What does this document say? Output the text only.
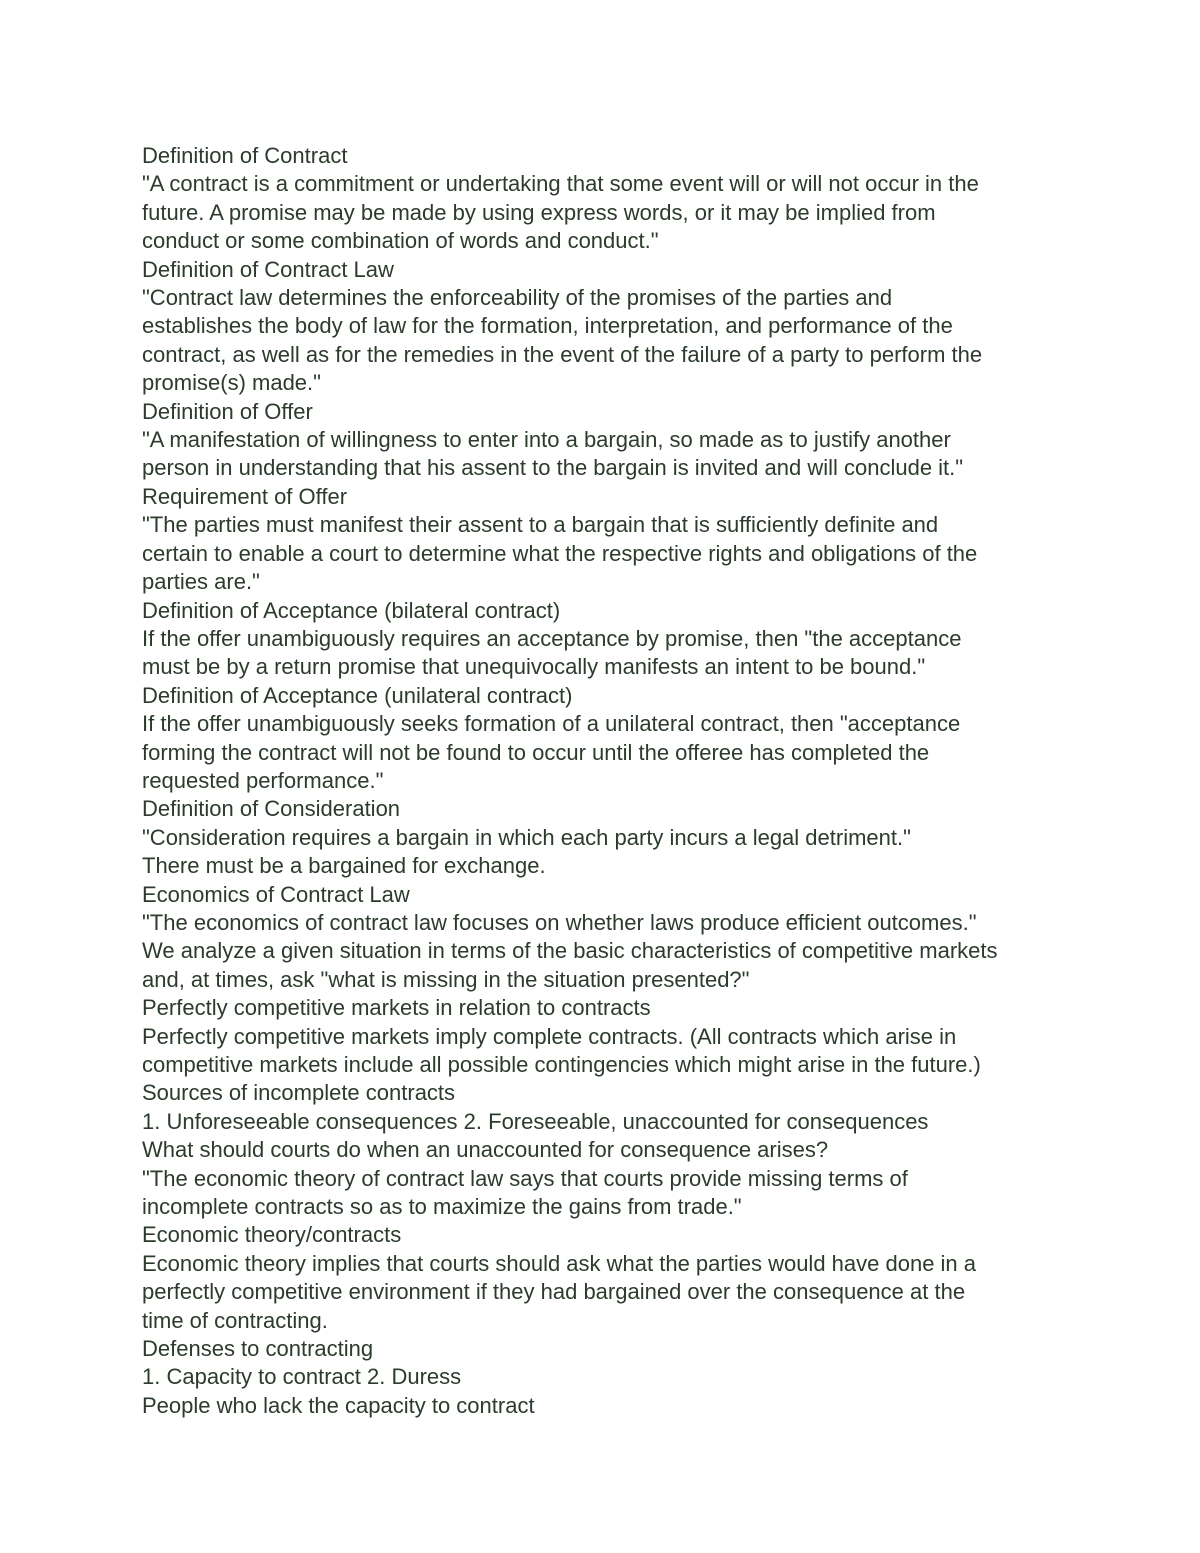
Definition of Contract
"A contract is a commitment or undertaking that some event will or will not occur in the
future. A promise may be made by using express words, or it may be implied from
conduct or some combination of words and conduct."
Definition of Contract Law
"Contract law determines the enforceability of the promises of the parties and
establishes the body of law for the formation, interpretation, and performance of the
contract, as well as for the remedies in the event of the failure of a party to perform the
promise(s) made."
Definition of Offer
"A manifestation of willingness to enter into a bargain, so made as to justify another
person in understanding that his assent to the bargain is invited and will conclude it."
Requirement of Offer
"The parties must manifest their assent to a bargain that is sufficiently definite and
certain to enable a court to determine what the respective rights and obligations of the
parties are."
Definition of Acceptance (bilateral contract)
If the offer unambiguously requires an acceptance by promise, then "the acceptance
must be by a return promise that unequivocally manifests an intent to be bound."
Definition of Acceptance (unilateral contract)
If the offer unambiguously seeks formation of a unilateral contract, then "acceptance
forming the contract will not be found to occur until the offeree has completed the
requested performance."
Definition of Consideration
"Consideration requires a bargain in which each party incurs a legal detriment."
There must be a bargained for exchange.
Economics of Contract Law
"The economics of contract law focuses on whether laws produce efficient outcomes."
We analyze a given situation in terms of the basic characteristics of competitive markets
and, at times, ask "what is missing in the situation presented?"
Perfectly competitive markets in relation to contracts
Perfectly competitive markets imply complete contracts. (All contracts which arise in
competitive markets include all possible contingencies which might arise in the future.)
Sources of incomplete contracts
1. Unforeseeable consequences 2. Foreseeable, unaccounted for consequences
What should courts do when an unaccounted for consequence arises?
"The economic theory of contract law says that courts provide missing terms of
incomplete contracts so as to maximize the gains from trade."
Economic theory/contracts
Economic theory implies that courts should ask what the parties would have done in a
perfectly competitive environment if they had bargained over the consequence at the
time of contracting.
Defenses to contracting
1. Capacity to contract 2. Duress
People who lack the capacity to contract
